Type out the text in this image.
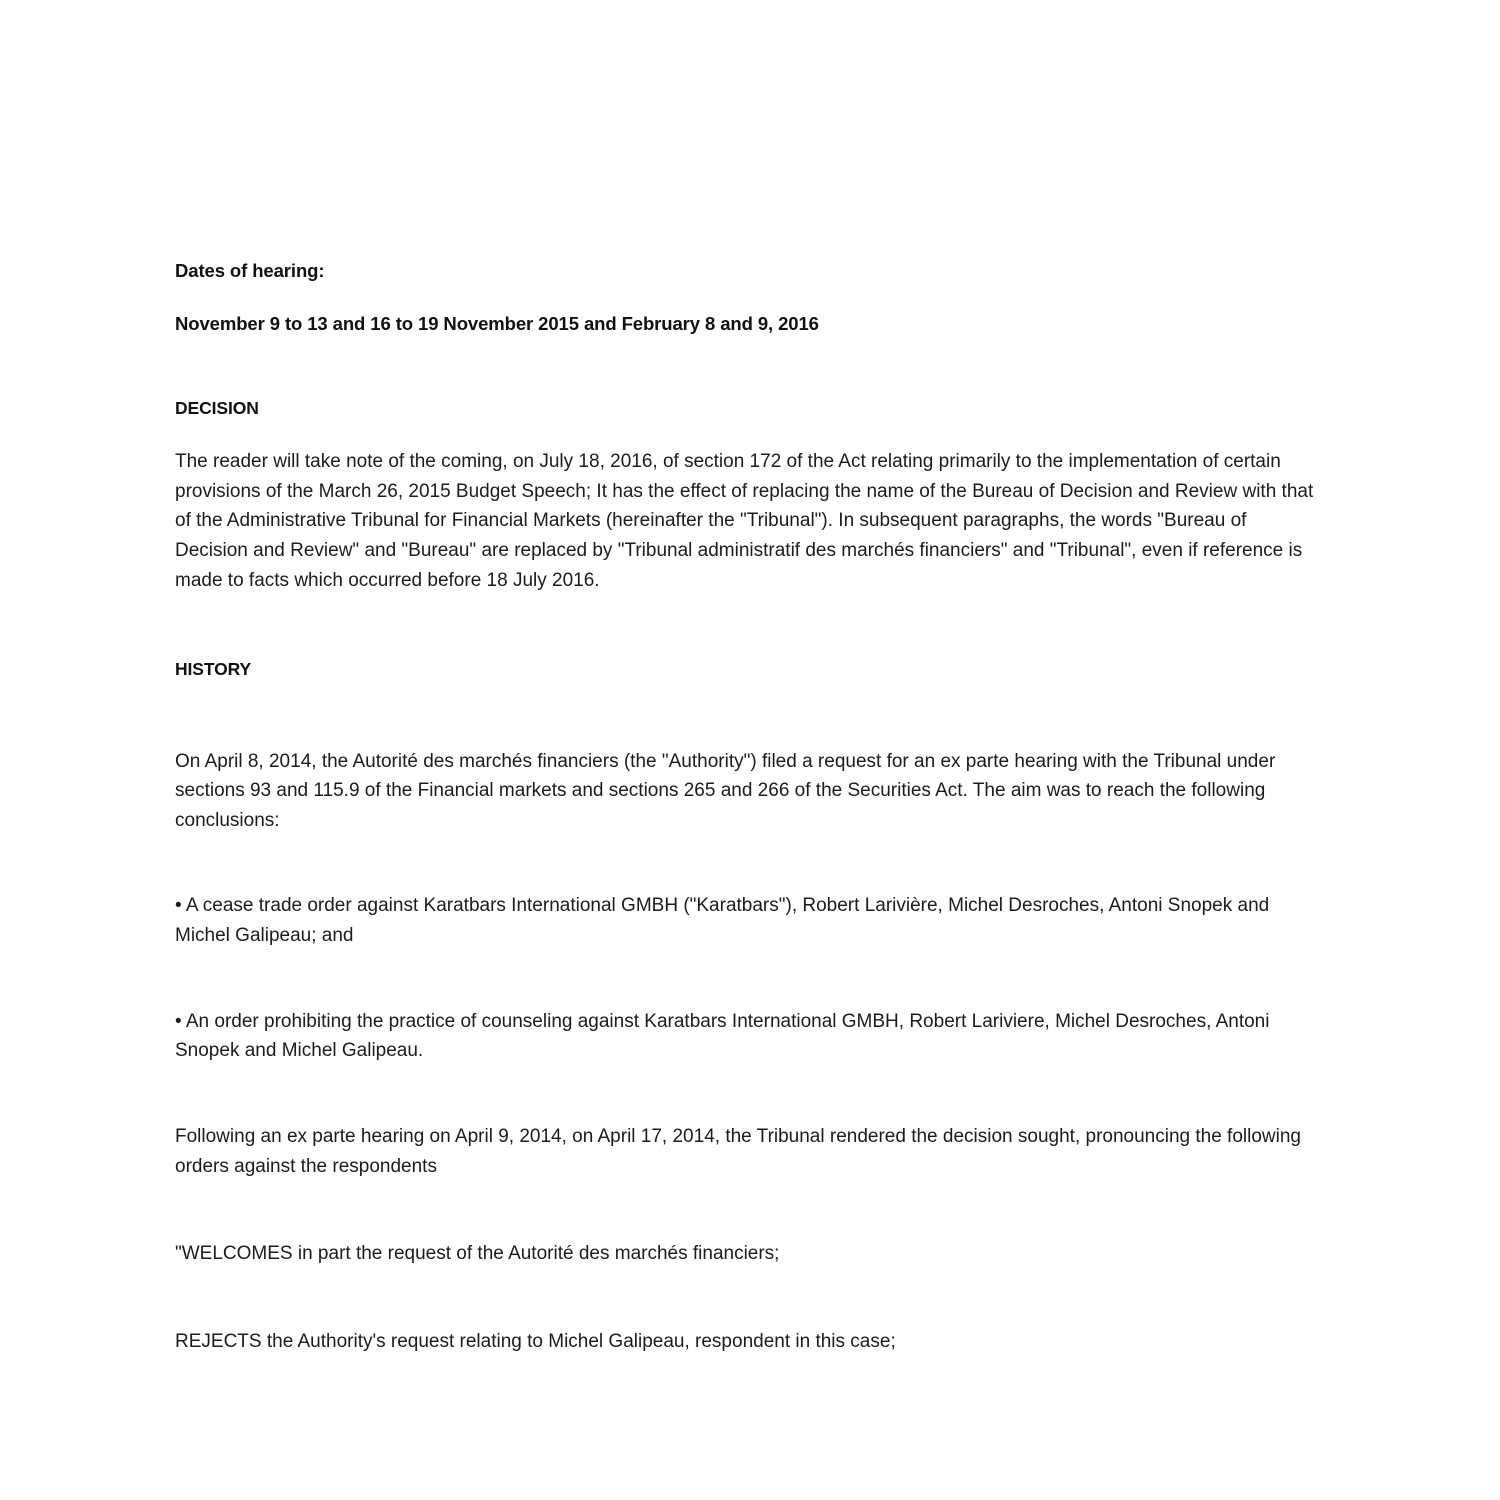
Dates of hearing:
November 9 to 13 and 16 to 19 November 2015 and February 8 and 9, 2016
DECISION
The reader will take note of the coming, on July 18, 2016, of section 172 of the Act relating primarily to the implementation of certain provisions of the March 26, 2015 Budget Speech; It has the effect of replacing the name of the Bureau of Decision and Review with that of the Administrative Tribunal for Financial Markets (hereinafter the "Tribunal"). In subsequent paragraphs, the words "Bureau of Decision and Review" and "Bureau" are replaced by "Tribunal administratif des marchés financiers" and "Tribunal", even if reference is made to facts which occurred before 18 July 2016.
HISTORY
On April 8, 2014, the Autorité des marchés financiers (the "Authority") filed a request for an ex parte hearing with the Tribunal under sections 93 and 115.9 of the Financial markets and sections 265 and 266 of the Securities Act. The aim was to reach the following conclusions:
• A cease trade order against Karatbars International GMBH ("Karatbars"), Robert Larivière, Michel Desroches, Antoni Snopek and Michel Galipeau; and
• An order prohibiting the practice of counseling against Karatbars International GMBH, Robert Lariviere, Michel Desroches, Antoni Snopek and Michel Galipeau.
Following an ex parte hearing on April 9, 2014, on April 17, 2014, the Tribunal rendered the decision sought, pronouncing the following orders against the respondents
"WELCOMES in part the request of the Autorité des marchés financiers;
REJECTS the Authority's request relating to Michel Galipeau, respondent in this case;
